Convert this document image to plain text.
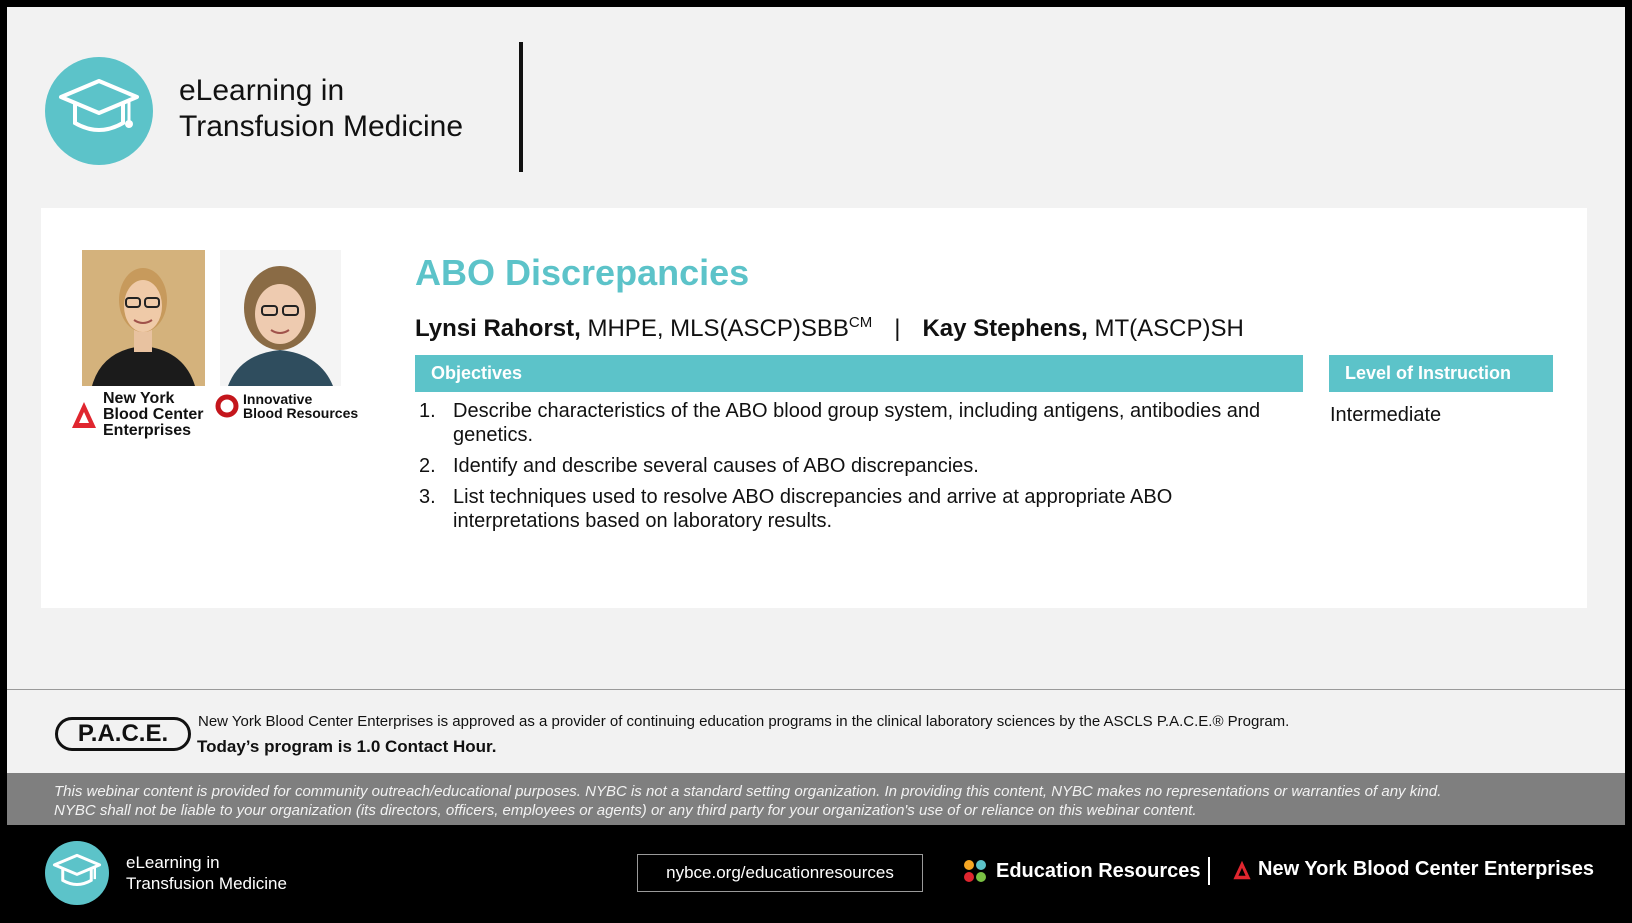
eLearning in
Transfusion Medicine
New York
Blood Center
Enterprises
Innovative
Blood Resources
ABO Discrepancies
Lynsi Rahorst, MHPE, $MLS(ASCP)SBB^{CM}$ | Kay Stephens, MT(ASCP)SH
Objectives
1. Describe characteristics of the ABO blood group system, including antigens, antibodies and genetics.
2. Identify and describe several causes of ABO discrepancies.
3. List techniques used to resolve ABO discrepancies and arrive at appropriate ABO interpretations based on laboratory results.
Level of Instruction
Intermediate
P.A.C.E.	New York Blood Center Enterprises is approved as a provider of continuing education programs in the clinical laboratory sciences by the ASCLS P.A.C.E.® Program.
Today’s program is 1.0 Contact Hour.

This webinar content is provided for community outreach/educational purposes. NYBC is not a standard setting organization. In providing this content, NYBC makes no representations or warranties of any kind. NYBC shall not be liable to your organization (its directors, officers, employees or agents) or any third party for your organization's use of or reliance on this webinar content.

eLearning in
Transfusion Medicine
nybce.org/educationresources	Education Resources	New York Blood Center Enterprises
